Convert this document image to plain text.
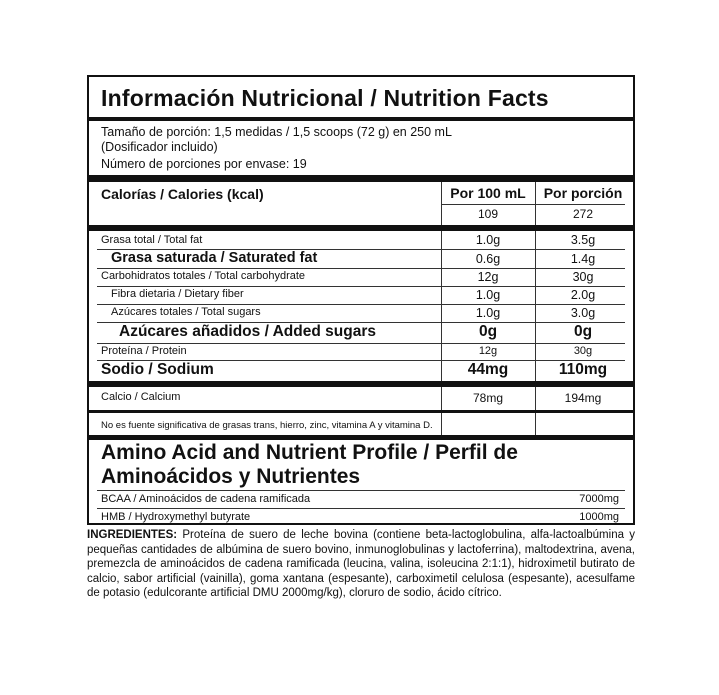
Información Nutricional / Nutrition Facts
Tamaño de porción: 1,5 medidas / 1,5 scoops (72 g) en 250 mL
(Dosificador incluido)
Número de porciones por envase: 19
Calorías / Calories (kcal)	Por 100 mL	Por porción
109	272
Grasa total / Total fat	1.0g	3.5g
Grasa saturada / Saturated fat	0.6g	1.4g
Carbohidratos totales / Total carbohydrate	12g	30g
Fibra dietaria / Dietary fiber	1.0g	2.0g
Azúcares totales / Total sugars	1.0g	3.0g
Azúcares añadidos / Added sugars	0g	0g
Proteína / Protein	12g	30g
Sodio / Sodium	44mg	110mg
Calcio / Calcium	78mg	194mg
No es fuente significativa de grasas trans, hierro, zinc, vitamina A y vitamina D.
Amino Acid and Nutrient Profile / Perfil de Aminoácidos y Nutrientes
BCAA / Aminoácidos de cadena ramificada	7000mg
HMB / Hydroxymethyl butyrate	1000mg
INGREDIENTES: Proteína de suero de leche bovina (contiene beta-lactoglobulina, alfa-lactoalbúmina y pequeñas cantidades de albúmina de suero bovino, inmunoglobulinas y lactoferrina), maltodextrina, avena, premezcla de aminoácidos de cadena ramificada (leucina, valina, isoleucina 2:1:1), hidroximetil butirato de calcio, sabor artificial (vainilla), goma xantana (espesante), carboximetil celulosa (espesante), acesulfame de potasio (edulcorante artificial DMU 2000mg/kg), cloruro de sodio, ácido cítrico.
